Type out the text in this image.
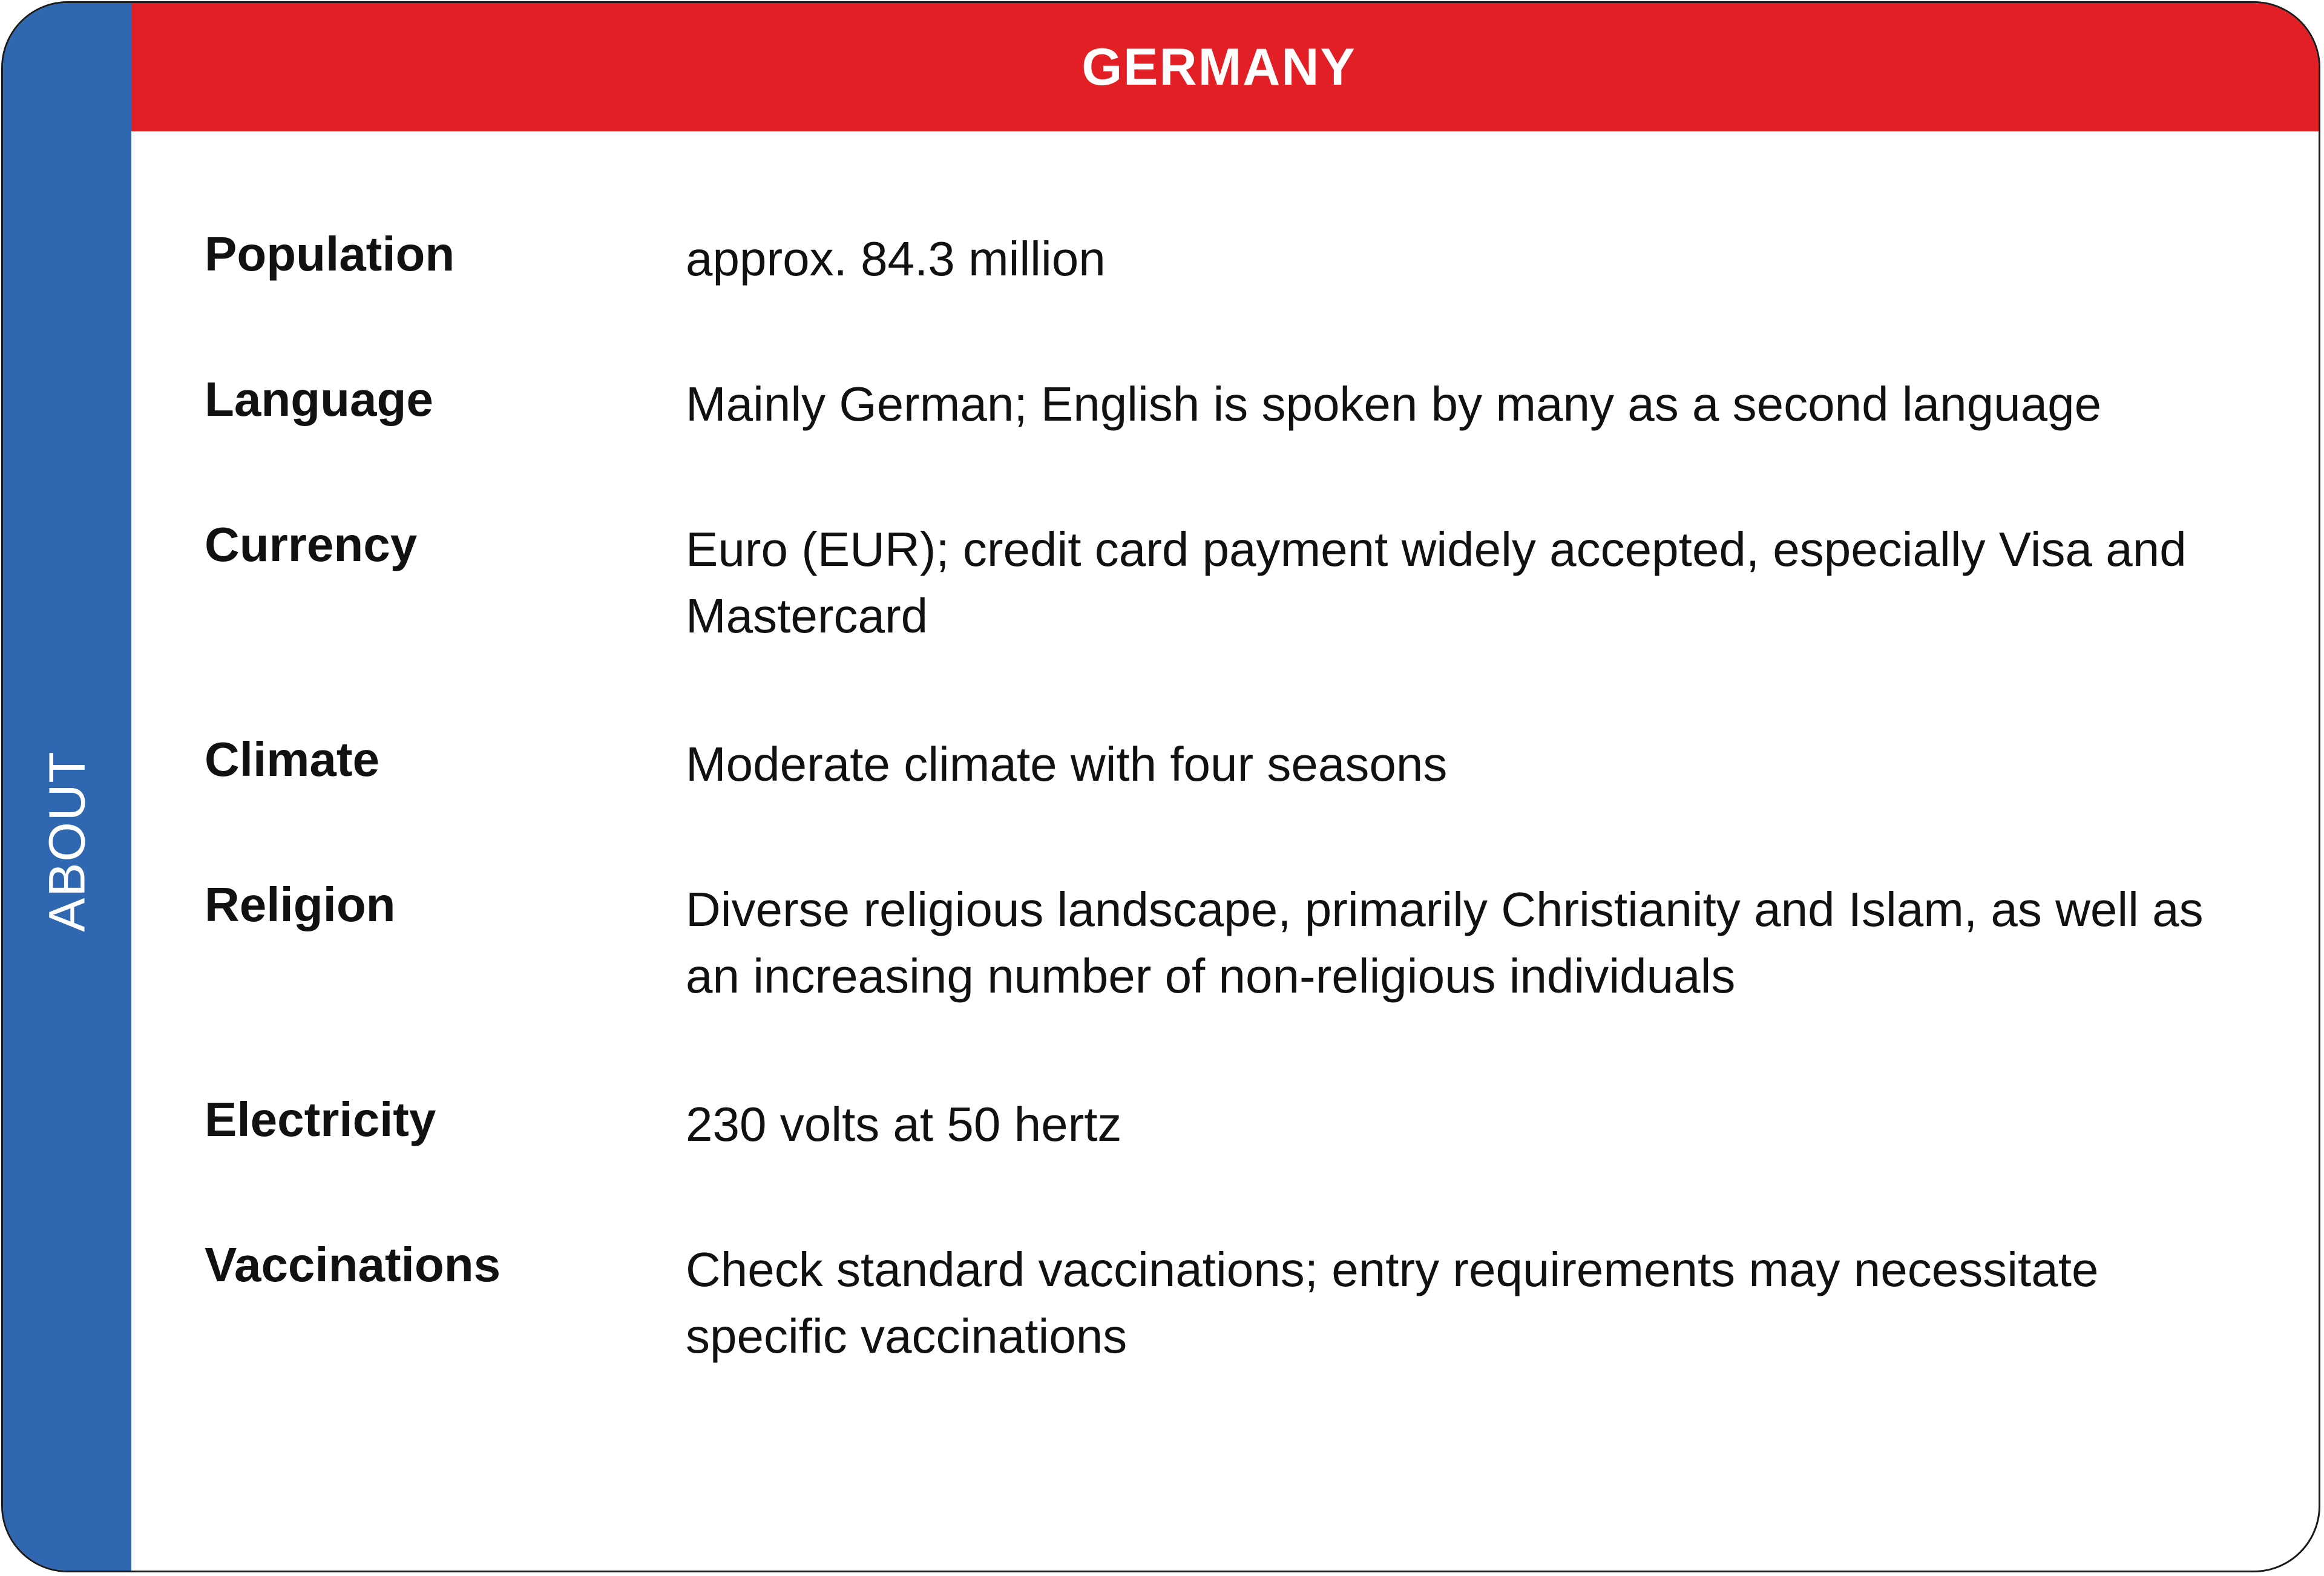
ABOUT
GERMANY
Population	approx. 84.3 million
Language	Mainly German; English is spoken by many as a second language
Currency	Euro (EUR); credit card payment widely accepted, especially Visa and Mastercard
Climate	Moderate climate with four seasons
Religion	Diverse religious landscape, primarily Christianity and Islam, as well as an increasing number of non-religious individuals
Electricity	230 volts at 50 hertz
Vaccinations	Check standard vaccinations; entry requirements may necessitate specific vaccinations
